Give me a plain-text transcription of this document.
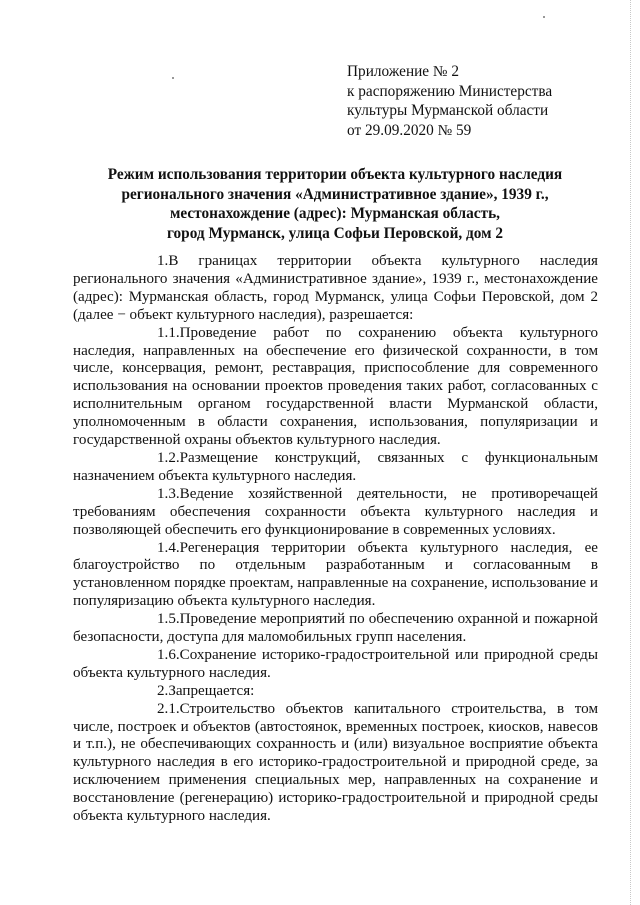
Приложение № 2
к распоряжению Министерства
культуры Мурманской области
от 29.09.2020 № 59
Режим использования территории объекта культурного наследия
регионального значения «Административное здание», 1939 г.,
местонахождение (адрес): Мурманская область,
город Мурманск, улица Софьи Перовской, дом 2

1.В границах территории объекта культурного наследия регионального значения «Административное здание», 1939 г., местонахождение (адрес): Мурманская область, город Мурманск, улица Софьи Перовской, дом 2 (далее − объект культурного наследия), разрешается:

1.1.Проведение работ по сохранению объекта культурного наследия, направленных на обеспечение его физической сохранности, в том числе, консервация, ремонт, реставрация, приспособление для современного использования на основании проектов проведения таких работ, согласованных с исполнительным органом государственной власти Мурманской области, уполномоченным в области сохранения, использования, популяризации и государственной охраны объектов культурного наследия.

1.2.Размещение конструкций, связанных с функциональным назначением объекта культурного наследия.

1.3.Ведение хозяйственной деятельности, не противоречащей требованиям обеспечения сохранности объекта культурного наследия и позволяющей обеспечить его функционирование в современных условиях.

1.4.Регенерация территории объекта культурного наследия, ее благоустройство по отдельным разработанным и согласованным в установленном порядке проектам, направленные на сохранение, использование и популяризацию объекта культурного наследия.

1.5.Проведение мероприятий по обеспечению охранной и пожарной безопасности, доступа для маломобильных групп населения.

1.6.Сохранение историко-градостроительной или природной среды объекта культурного наследия.

2.Запрещается:

2.1.Строительство объектов капитального строительства, в том числе, построек и объектов (автостоянок, временных построек, киосков, навесов и т.п.), не обеспечивающих сохранность и (или) визуальное восприятие объекта культурного наследия в его историко-градостроительной и природной среде, за исключением применения специальных мер, направленных на сохранение и восстановление (регенерацию) историко-градостроительной и природной среды объекта культурного наследия.
